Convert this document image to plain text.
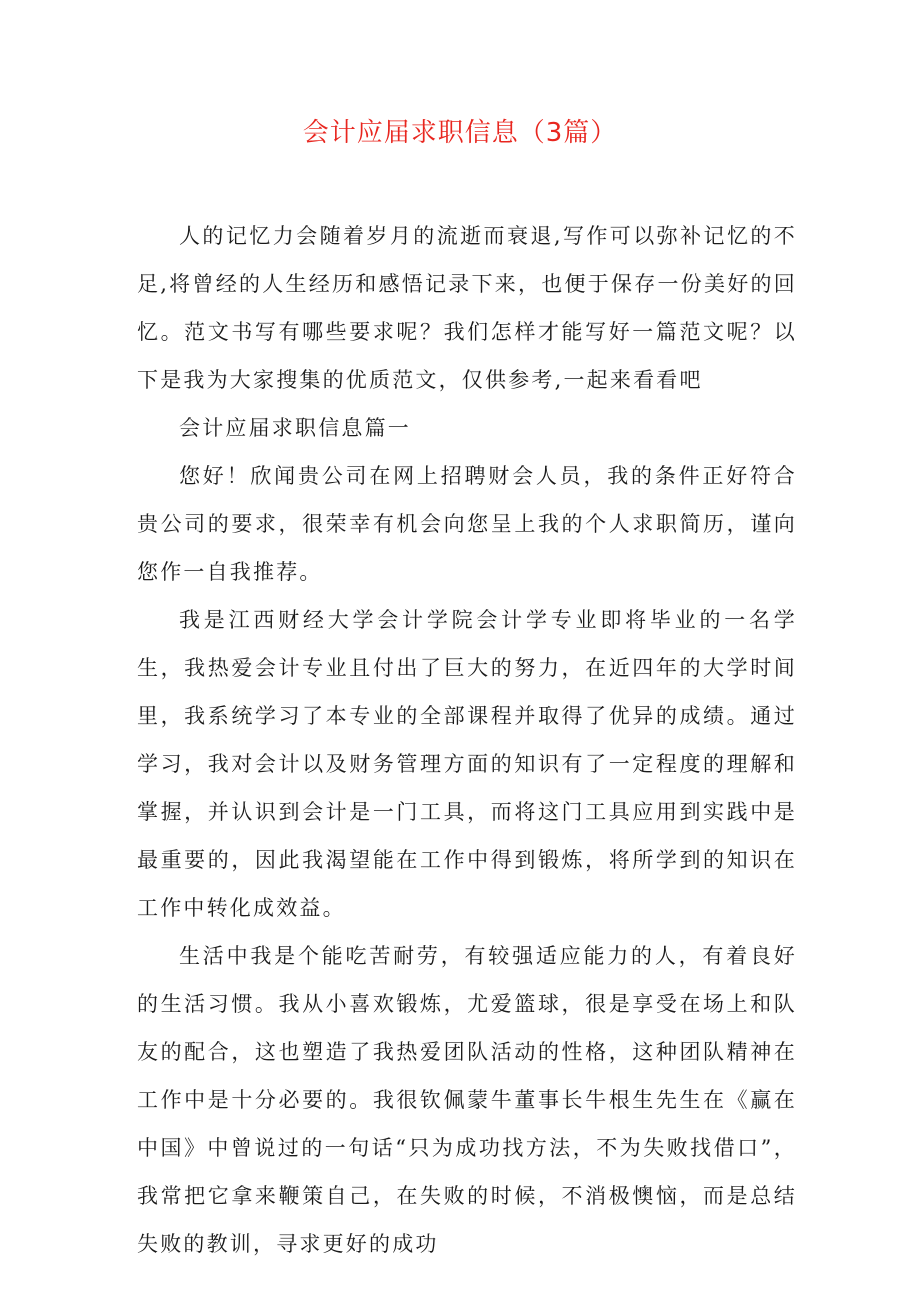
会计应届求职信息（3篇）

人的记忆力会随着岁月的流逝而衰退,写作可以弥补记忆的不足,将曾经的人生经历和感悟记录下来，也便于保存一份美好的回忆。范文书写有哪些要求呢？我们怎样才能写好一篇范文呢？以下是我为大家搜集的优质范文，仅供参考,一起来看看吧

会计应届求职信息篇一

您好！欣闻贵公司在网上招聘财会人员，我的条件正好符合贵公司的要求，很荣幸有机会向您呈上我的个人求职简历，谨向您作一自我推荐。

我是江西财经大学会计学院会计学专业即将毕业的一名学生，我热爱会计专业且付出了巨大的努力，在近四年的大学时间里，我系统学习了本专业的全部课程并取得了优异的成绩。通过学习，我对会计以及财务管理方面的知识有了一定程度的理解和掌握，并认识到会计是一门工具，而将这门工具应用到实践中是最重要的，因此我渴望能在工作中得到锻炼，将所学到的知识在工作中转化成效益。

生活中我是个能吃苦耐劳，有较强适应能力的人，有着良好的生活习惯。我从小喜欢锻炼，尤爱篮球，很是享受在场上和队友的配合，这也塑造了我热爱团队活动的性格，这种团队精神在工作中是十分必要的。我很钦佩蒙牛董事长牛根生先生在《赢在中国》中曾说过的一句话“只为成功找方法，不为失败找借口”，我常把它拿来鞭策自己，在失败的时候，不消极懊恼，而是总结失败的教训，寻求更好的成功
